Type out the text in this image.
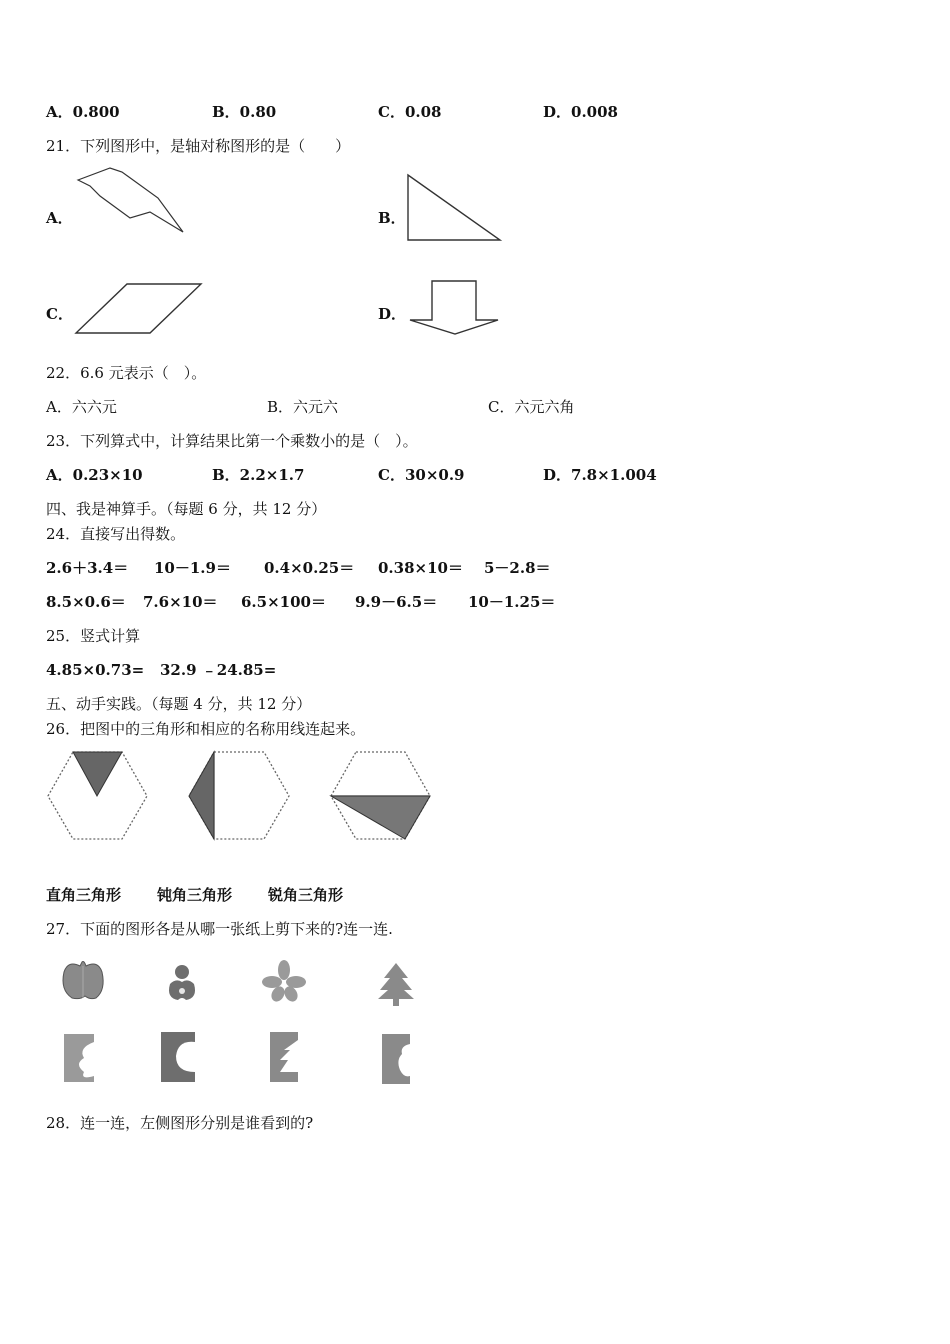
A．0.800	B．0.80	C．0.08	D．0.008
21．下列图形中，是轴对称图形的是（　　）
A．	B．
C．	D．
22．6.6 元表示（　）。
A．六六元	B．六元六	C．六元六角
23．下列算式中，计算结果比第一个乘数小的是（　）。
A．0.23×10	B．2.2×1.7	C．30×0.9	D．7.8×1.004
四、我是神算手。（每题 6 分，共 12 分）
24．直接写出得数。
2.6＋3.4＝ 10－1.9＝ 0.4×0.25＝ 0.38×10＝ 5－2.8＝
8.5×0.6＝ 7.6×10＝ 6.5×100＝ 9.9－6.5＝ 10－1.25＝
25．竖式计算
4.85×0.73= 32.9 ﹣24.85=
五、动手实践。（每题 4 分，共 12 分）
26．把图中的三角形和相应的名称用线连起来。
直角三角形 钝角三角形 锐角三角形
27．下面的图形各是从哪一张纸上剪下来的?连一连.
28．连一连，左侧图形分别是谁看到的?
